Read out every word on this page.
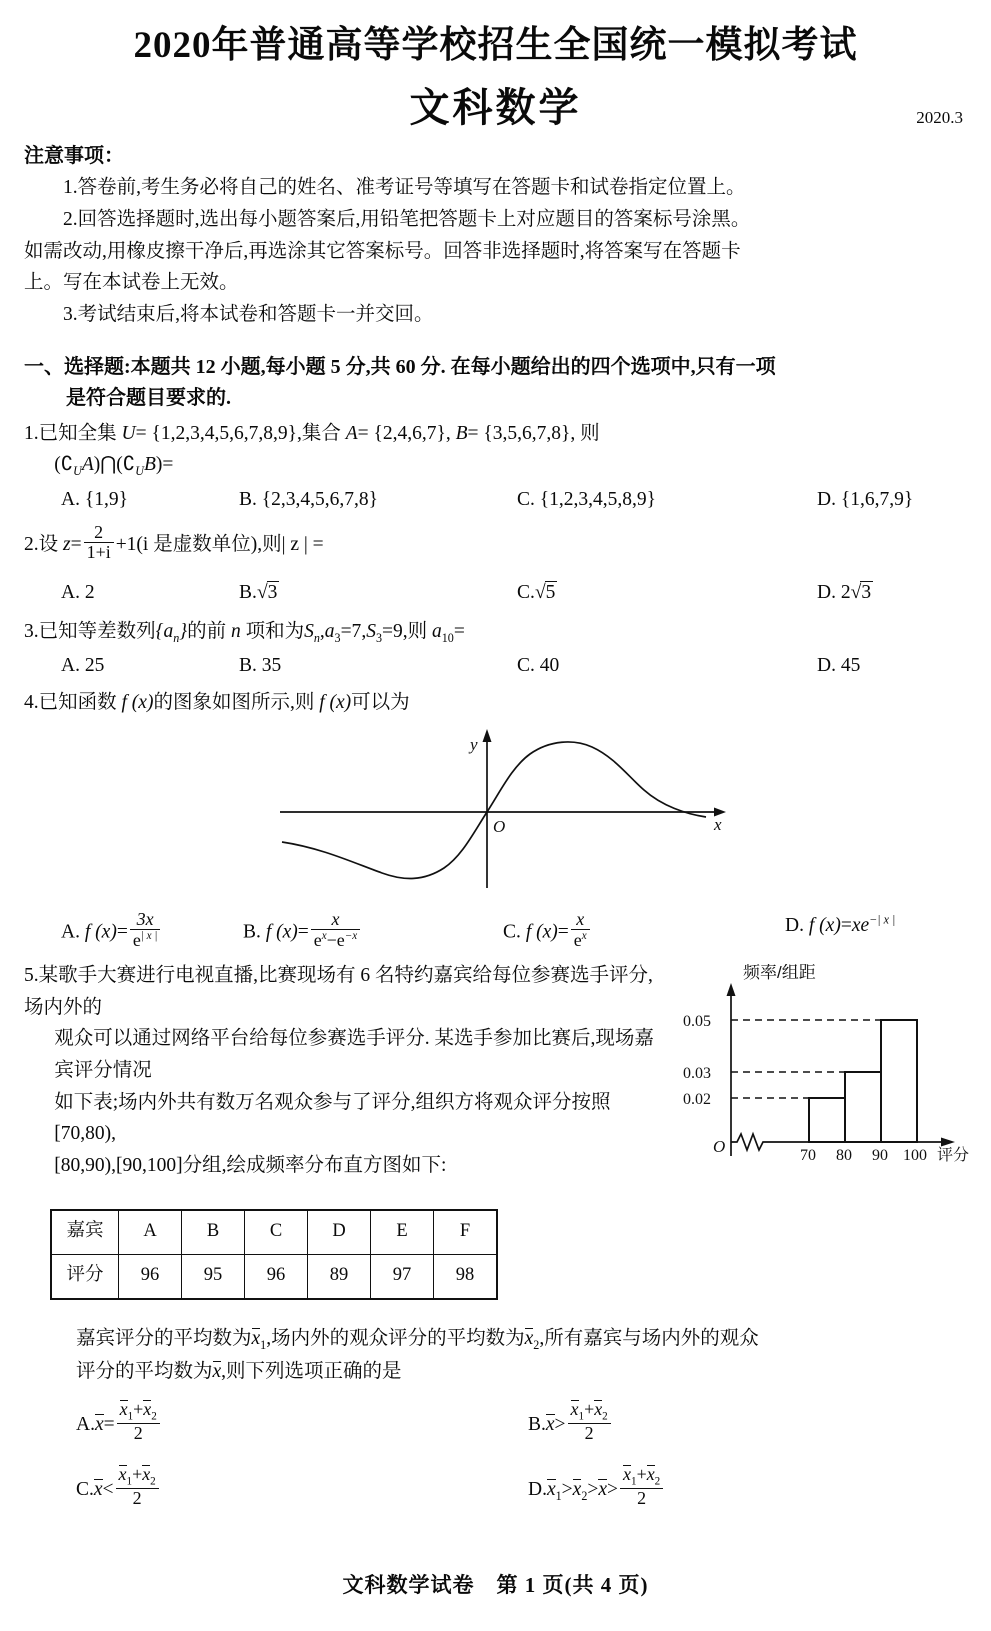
2020年普通高等学校招生全国统一模拟考试
文科数学	2020.3
注意事项：
1.答卷前,考生务必将自己的姓名、准考证号等填写在答题卡和试卷指定位置上。
2.回答选择题时,选出每小题答案后,用铅笔把答题卡上对应题目的答案标号涂黑。
如需改动,用橡皮擦干净后,再选涂其它答案标号。回答非选择题时,将答案写在答题卡
上。写在本试卷上无效。
3.考试结束后,将本试卷和答题卡一并交回。
一、选择题:本题共 12 小题,每小题 5 分,共 60 分. 在每小题给出的四个选项中,只有一项
是符合题目要求的.
1.已知全集 U= {1,2,3,4,5,6,7,8,9},集合 A= {2,4,6,7}, B= {3,5,6,7,8}, 则
$(∁_UA)⋂(∁_UB)=$
A. {1,9}	B. {2,3,4,5,6,7,8}	C. {1,2,3,4,5,8,9}	D. {1,6,7,9}
2.设 $z= \frac{2}{1+i} +1(i$ 是虚数单位),则| z | =
A. 2	B.√3	C.√5	D. 2√3
3.已知等差数列$\{a_n\}$的前 n 项和为$S_n,a_3=7,S_3=9$,则 $a_{10}=$
A. 25	B. 35	C. 40	D. 45
4.已知函数 f (x)的图象如图所示,则 f (x)可以为
y
x
O
A. f $(x)= \frac{3x}{e^{| x |}}$	B. f $(x)= \frac{x}{e^x-e^{-x}}$	C. f $(x)= \frac{x}{e^x}$	D. f $(x)=xe^{-| x |}$
0.05
0.03
0.02
频率/组距
O	70 80 90 100 评分
5.某歌手大赛进行电视直播,比赛现场有 6 名特约嘉宾给每位参赛选手评分,场内外的
观众可以通过网络平台给每位参赛选手评分. 某选手参加比赛后,现场嘉宾评分情况
如下表;场内外共有数万名观众参与了评分,组织方将观众评分按照[70,80),
[80,90),[90,100]分组,绘成频率分布直方图如下:
嘉宾	A	B	C	D	E	F
评分	96	95	96	89	97	98
嘉宾评分的平均数为$x_1$,场内外的观众评分的平均数为$x_2$,所有嘉宾与场内外的观众
评分的平均数为x,则下列选项正确的是
$A.x= \frac{x_1+x_2}{2}$	$B.x> \frac{x_1+x_2}{2}$
$C.x< \frac{x_1+x_2}{2}$	$D.x_1>x_2>x> \frac{x_1+x_2}{2}$
文科数学试卷　第 1 页(共 4 页)
